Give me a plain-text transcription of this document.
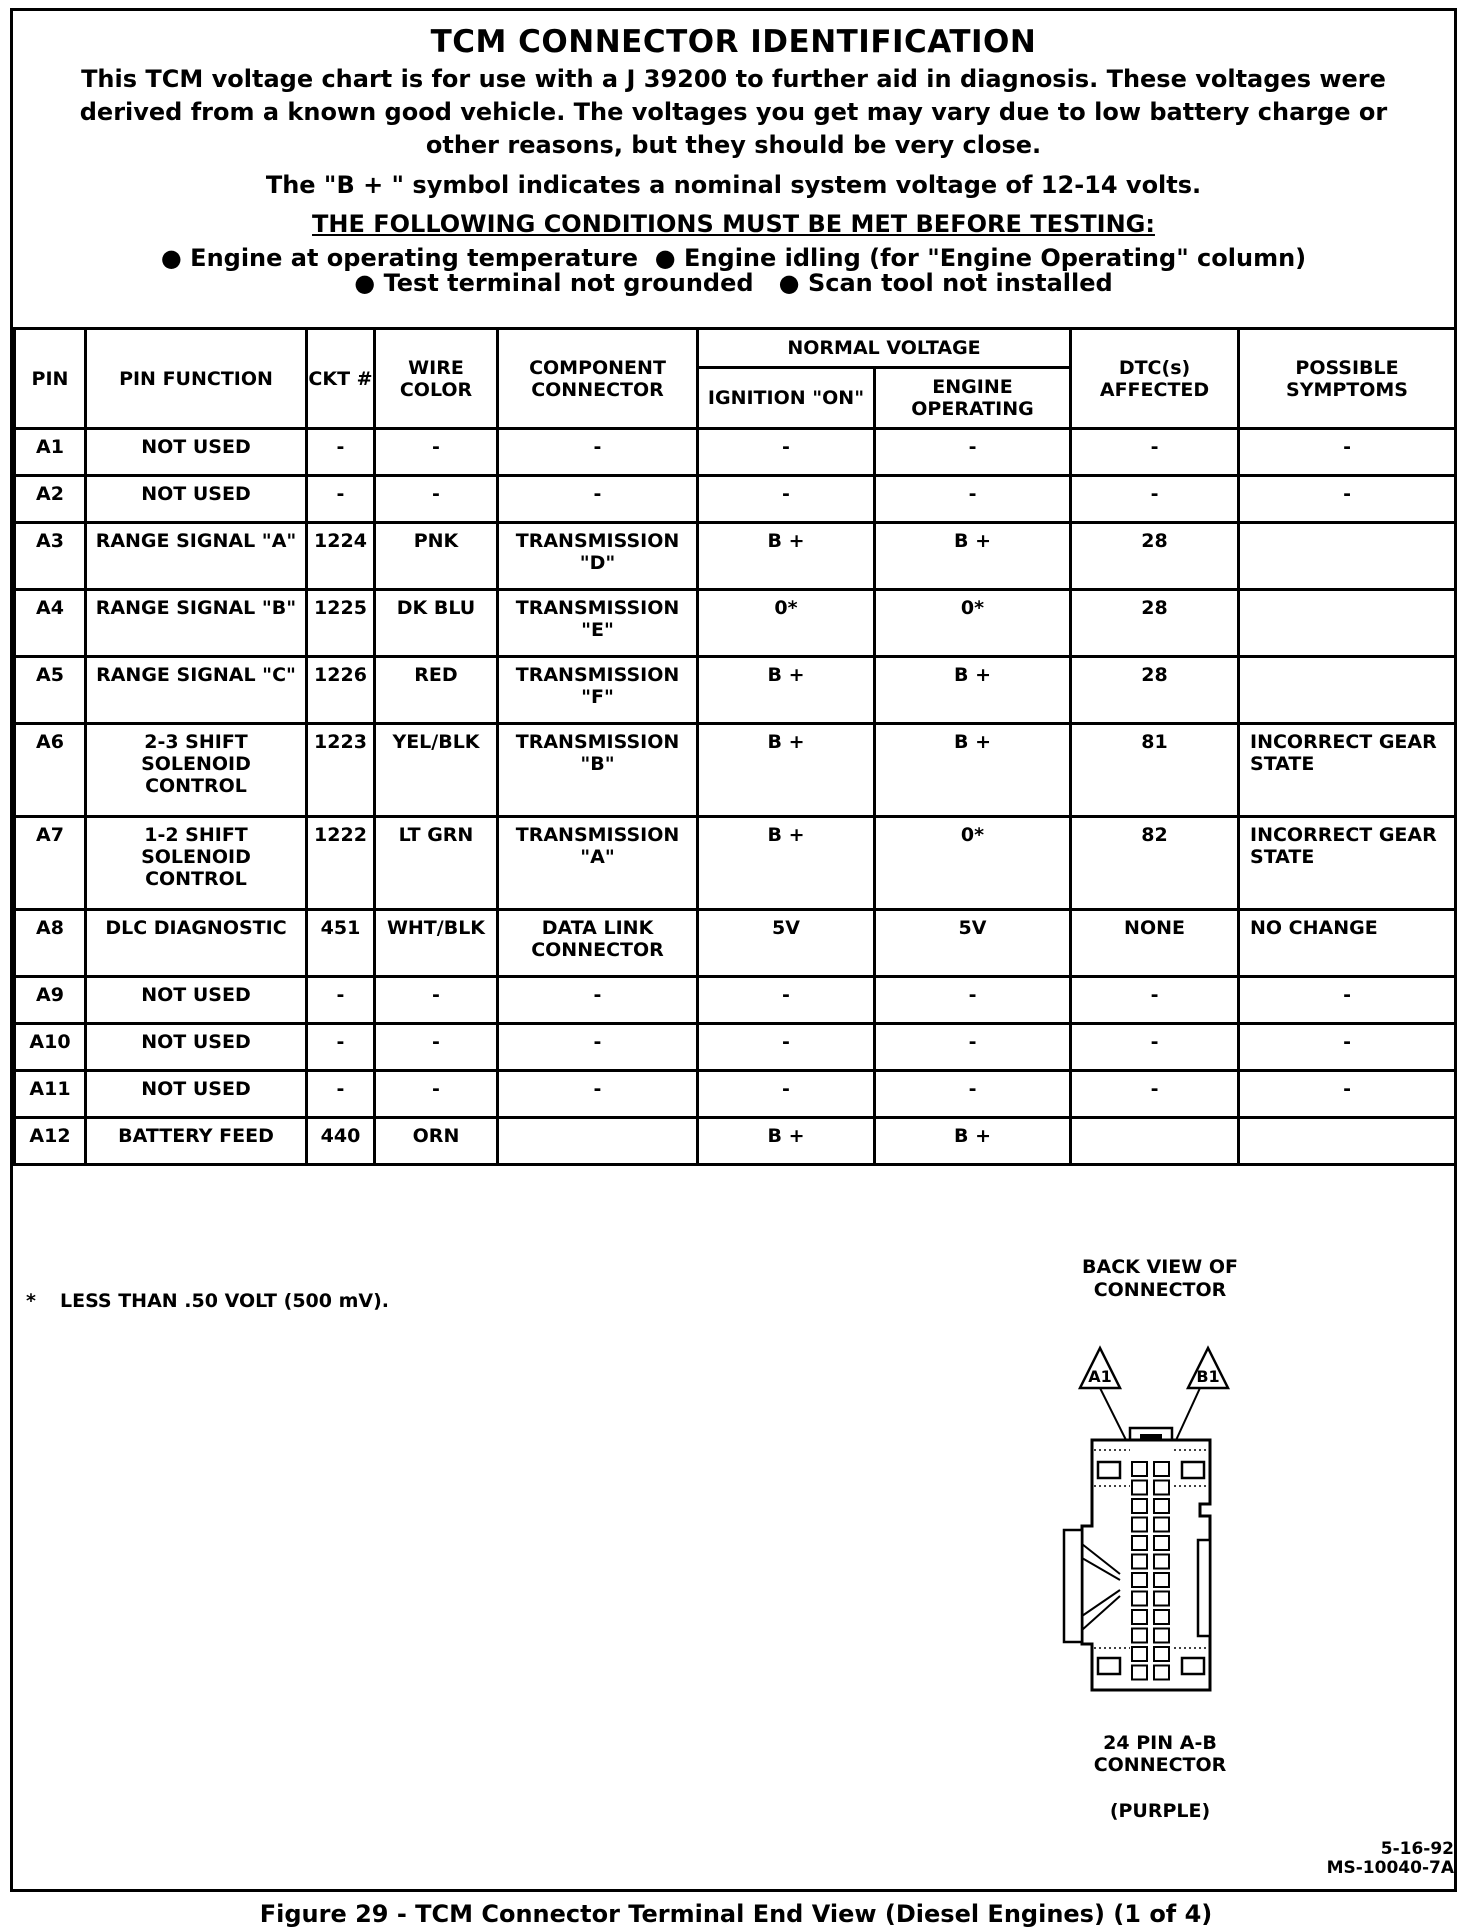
TCM CONNECTOR IDENTIFICATION
This TCM voltage chart is for use with a J 39200 to further aid in diagnosis. These voltages were derived from a known good vehicle. The voltages you get may vary due to low battery charge or other reasons, but they should be very close.
The "B + " symbol indicates a nominal system voltage of 12-14 volts.
THE FOLLOWING CONDITIONS MUST BE MET BEFORE TESTING:
● Engine at operating temperature ● Engine idling (for "Engine Operating" column)
● Test terminal not grounded ● Scan tool not installed
PIN	PIN FUNCTION	CKT #	WIRE COLOR	COMPONENT CONNECTOR	NORMAL VOLTAGE		DTC(s) AFFECTED	POSSIBLE SYMPTOMS
					IGNITION "ON"	ENGINE OPERATING		
A1	NOT USED	-	-	-	-	-	-	-
A2	NOT USED	-	-	-	-	-	-	-
A3	RANGE SIGNAL "A"	1224	PNK	TRANSMISSION "D"	B +	B +	28	
A4	RANGE SIGNAL "B"	1225	DK BLU	TRANSMISSION "E"	0*	0*	28	
A5	RANGE SIGNAL "C"	1226	RED	TRANSMISSION "F"	B +	B +	28	
A6	2-3 SHIFT SOLENOID CONTROL	1223	YEL/BLK	TRANSMISSION "B"	B +	B +	81	INCORRECT GEAR STATE
A7	1-2 SHIFT SOLENOID CONTROL	1222	LT GRN	TRANSMISSION "A"	B +	0*	82	INCORRECT GEAR STATE
A8	DLC DIAGNOSTIC	451	WHT/BLK	DATA LINK CONNECTOR	5V	5V	NONE	NO CHANGE
A9	NOT USED	-	-	-	-	-	-	-
A10	NOT USED	-	-	-	-	-	-	-
A11	NOT USED	-	-	-	-	-	-	-
A12	BATTERY FEED	440	ORN		B +	B +		
* LESS THAN .50 VOLT (500 mV).
BACK VIEW OF CONNECTOR
A1	B1
24 PIN A-B CONNECTOR
(PURPLE)
5-16-92
MS-10040-7A
Figure 29 - TCM Connector Terminal End View (Diesel Engines) (1 of 4)
